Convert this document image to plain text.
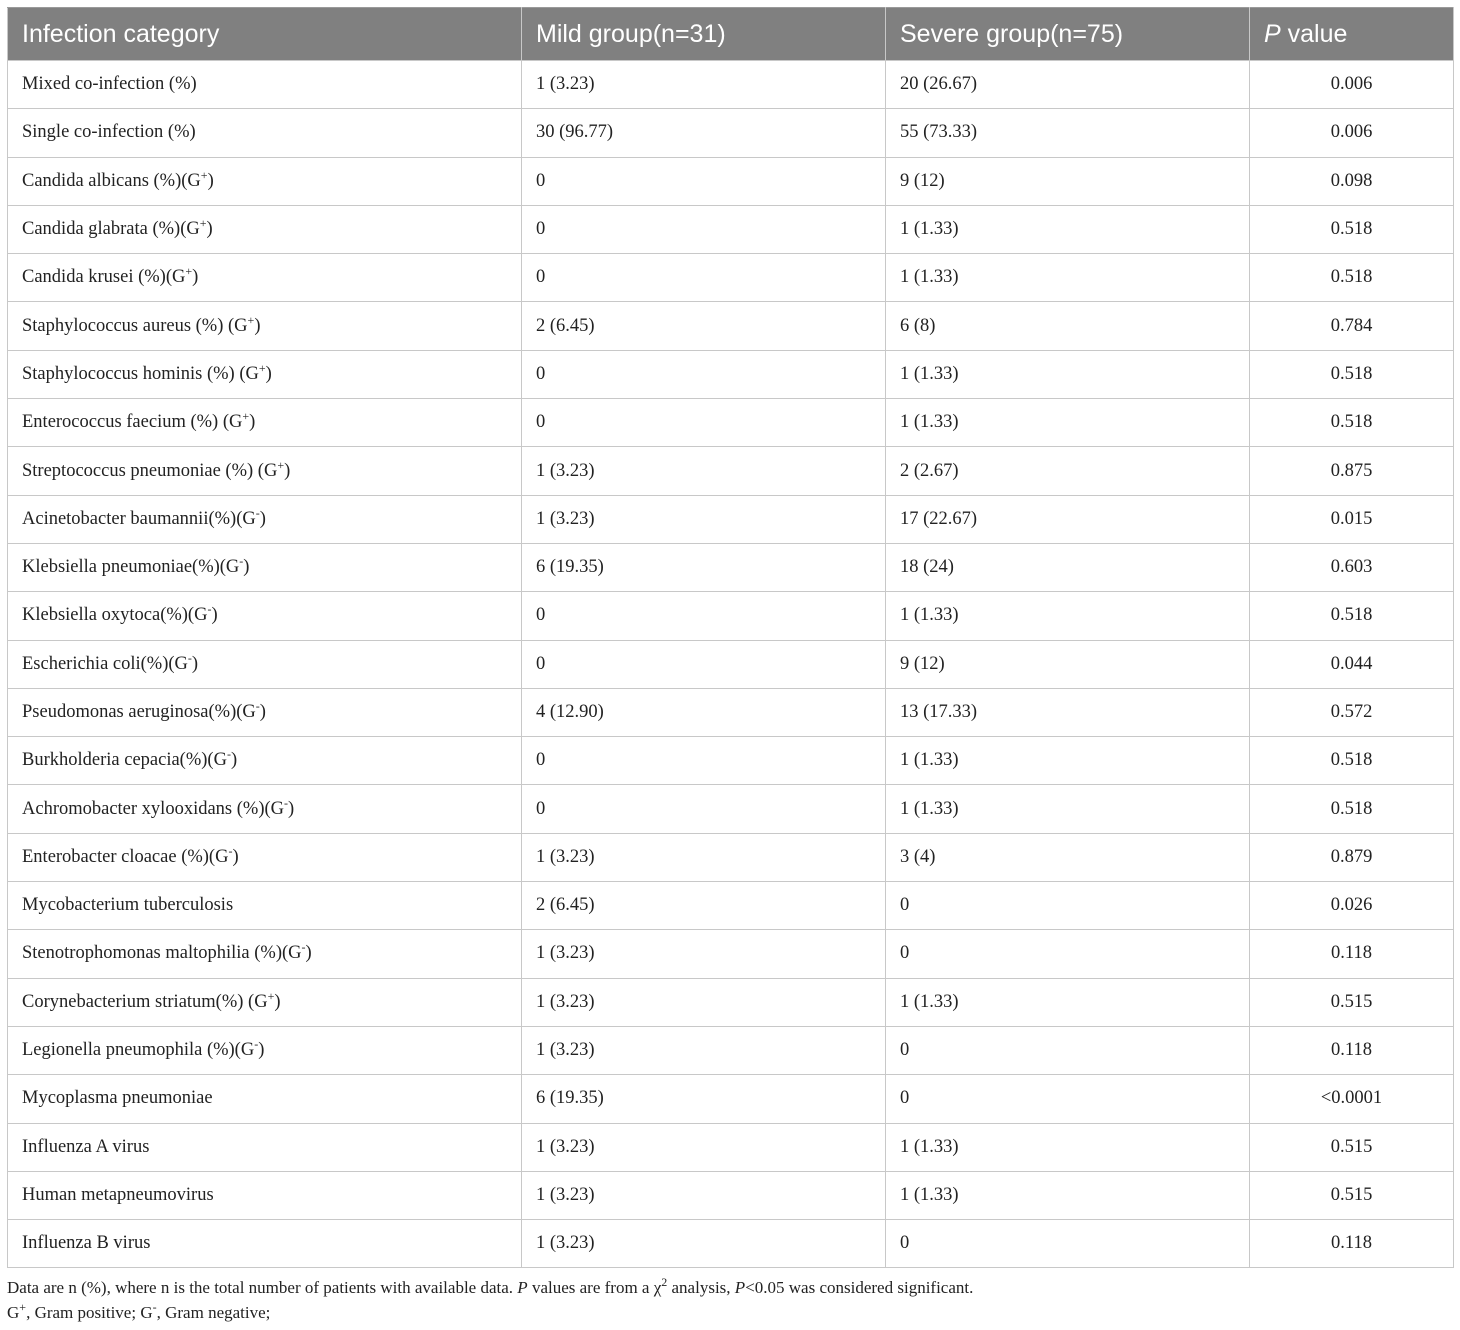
Infection category	Mild group(n=31)	Severe group(n=75)	P value
Mixed co-infection (%)	1 (3.23)	20 (26.67)	0.006
Single co-infection (%)	30 (96.77)	55 (73.33)	0.006
Candida albicans (%)(G+)	0	9 (12)	0.098
Candida glabrata (%)(G+)	0	1 (1.33)	0.518
Candida krusei (%)(G+)	0	1 (1.33)	0.518
Staphylococcus aureus (%) (G+)	2 (6.45)	6 (8)	0.784
Staphylococcus hominis (%) (G+)	0	1 (1.33)	0.518
Enterococcus faecium (%) (G+)	0	1 (1.33)	0.518
Streptococcus pneumoniae (%) (G+)	1 (3.23)	2 (2.67)	0.875
Acinetobacter baumannii(%)(G-)	1 (3.23)	17 (22.67)	0.015
Klebsiella pneumoniae(%)(G-)	6 (19.35)	18 (24)	0.603
Klebsiella oxytoca(%)(G-)	0	1 (1.33)	0.518
Escherichia coli(%)(G-)	0	9 (12)	0.044
Pseudomonas aeruginosa(%)(G-)	4 (12.90)	13 (17.33)	0.572
Burkholderia cepacia(%)(G-)	0	1 (1.33)	0.518
Achromobacter xylooxidans (%)(G-)	0	1 (1.33)	0.518
Enterobacter cloacae (%)(G-)	1 (3.23)	3 (4)	0.879
Mycobacterium tuberculosis	2 (6.45)	0	0.026
Stenotrophomonas maltophilia (%)(G-)	1 (3.23)	0	0.118
Corynebacterium striatum(%) (G+)	1 (3.23)	1 (1.33)	0.515
Legionella pneumophila (%)(G-)	1 (3.23)	0	0.118
Mycoplasma pneumoniae	6 (19.35)	0	<0.0001
Influenza A virus	1 (3.23)	1 (1.33)	0.515
Human metapneumovirus	1 (3.23)	1 (1.33)	0.515
Influenza B virus	1 (3.23)	0	0.118
Data are n (%), where n is the total number of patients with available data. P values are from a $\chi^2$ analysis, P<0.05 was considered significant.
G+, Gram positive; G-, Gram negative;
